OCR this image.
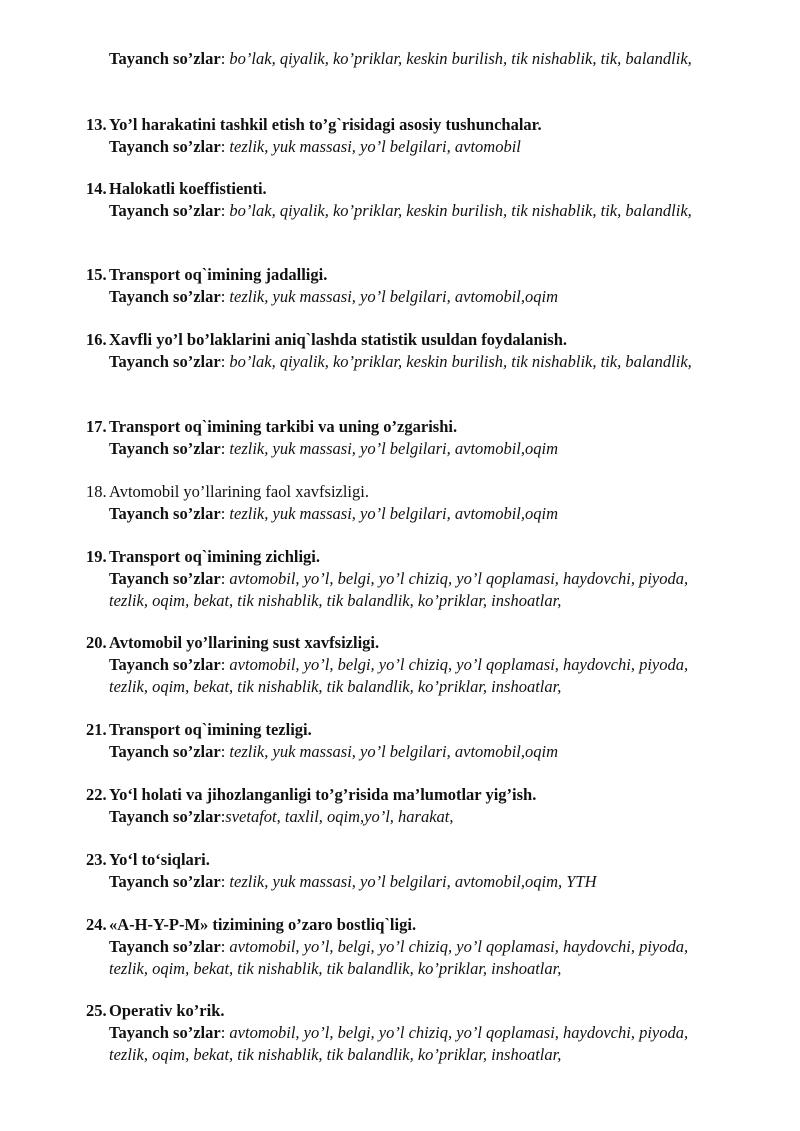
Tayanch so’zlar: bo’lak, qiyalik, ko’priklar, keskin burilish, tik nishablik, tik, balandlik,
13. Yo’l harakatini tashkil etish to’g`risidagi asosiy tushunchalar.
Tayanch so’zlar: tezlik, yuk massasi, yo’l belgilari, avtomobil
14. Halokatli koeffistienti.
Tayanch so’zlar: bo’lak, qiyalik, ko’priklar, keskin burilish, tik nishablik, tik, balandlik,
15. Transport oq`imining jadalligi.
Tayanch so’zlar: tezlik, yuk massasi, yo’l belgilari, avtomobil,oqim
16. Xavfli yo’l bo’laklarini aniq`lashda statistik usuldan foydalanish.
Tayanch so’zlar: bo’lak, qiyalik, ko’priklar, keskin burilish, tik nishablik, tik, balandlik,
17. Transport oq`imining tarkibi va uning o’zgarishi.
Tayanch so’zlar: tezlik, yuk massasi, yo’l belgilari, avtomobil,oqim
18. Avtomobil yo’llarining faol xavfsizligi.
Tayanch so’zlar: tezlik, yuk massasi, yo’l belgilari, avtomobil,oqim
19. Transport oq`imining zichligi.
Tayanch so’zlar: avtomobil, yo’l, belgi, yo’l chiziq, yo’l qoplamasi, haydovchi, piyoda, tezlik, oqim, bekat, tik nishablik, tik balandlik, ko’priklar, inshoatlar,
20. Avtomobil yo’llarining sust xavfsizligi.
Tayanch so’zlar: avtomobil, yo’l, belgi, yo’l chiziq, yo’l qoplamasi, haydovchi, piyoda, tezlik, oqim, bekat, tik nishablik, tik balandlik, ko’priklar, inshoatlar,
21. Transport oq`imining tezligi.
Tayanch so’zlar: tezlik, yuk massasi, yo’l belgilari, avtomobil,oqim
22. Yo‘l holati va jihozlanganligi to’g’risida ma’lumotlar yig’ish.
Tayanch so’zlar:svetafot, taxlil, oqim,yo’l, harakat,
23. Yo‘l to‘siqlari.
Tayanch so’zlar: tezlik, yuk massasi, yo’l belgilari, avtomobil,oqim, YTH
24. «A-H-Y-P-M» tizimining o’zaro bostliq`ligi.
Tayanch so’zlar: avtomobil, yo’l, belgi, yo’l chiziq, yo’l qoplamasi, haydovchi, piyoda, tezlik, oqim, bekat, tik nishablik, tik balandlik, ko’priklar, inshoatlar,
25. Operativ ko’rik.
Tayanch so’zlar: avtomobil, yo’l, belgi, yo’l chiziq, yo’l qoplamasi, haydovchi, piyoda, tezlik, oqim, bekat, tik nishablik, tik balandlik, ko’priklar, inshoatlar,
